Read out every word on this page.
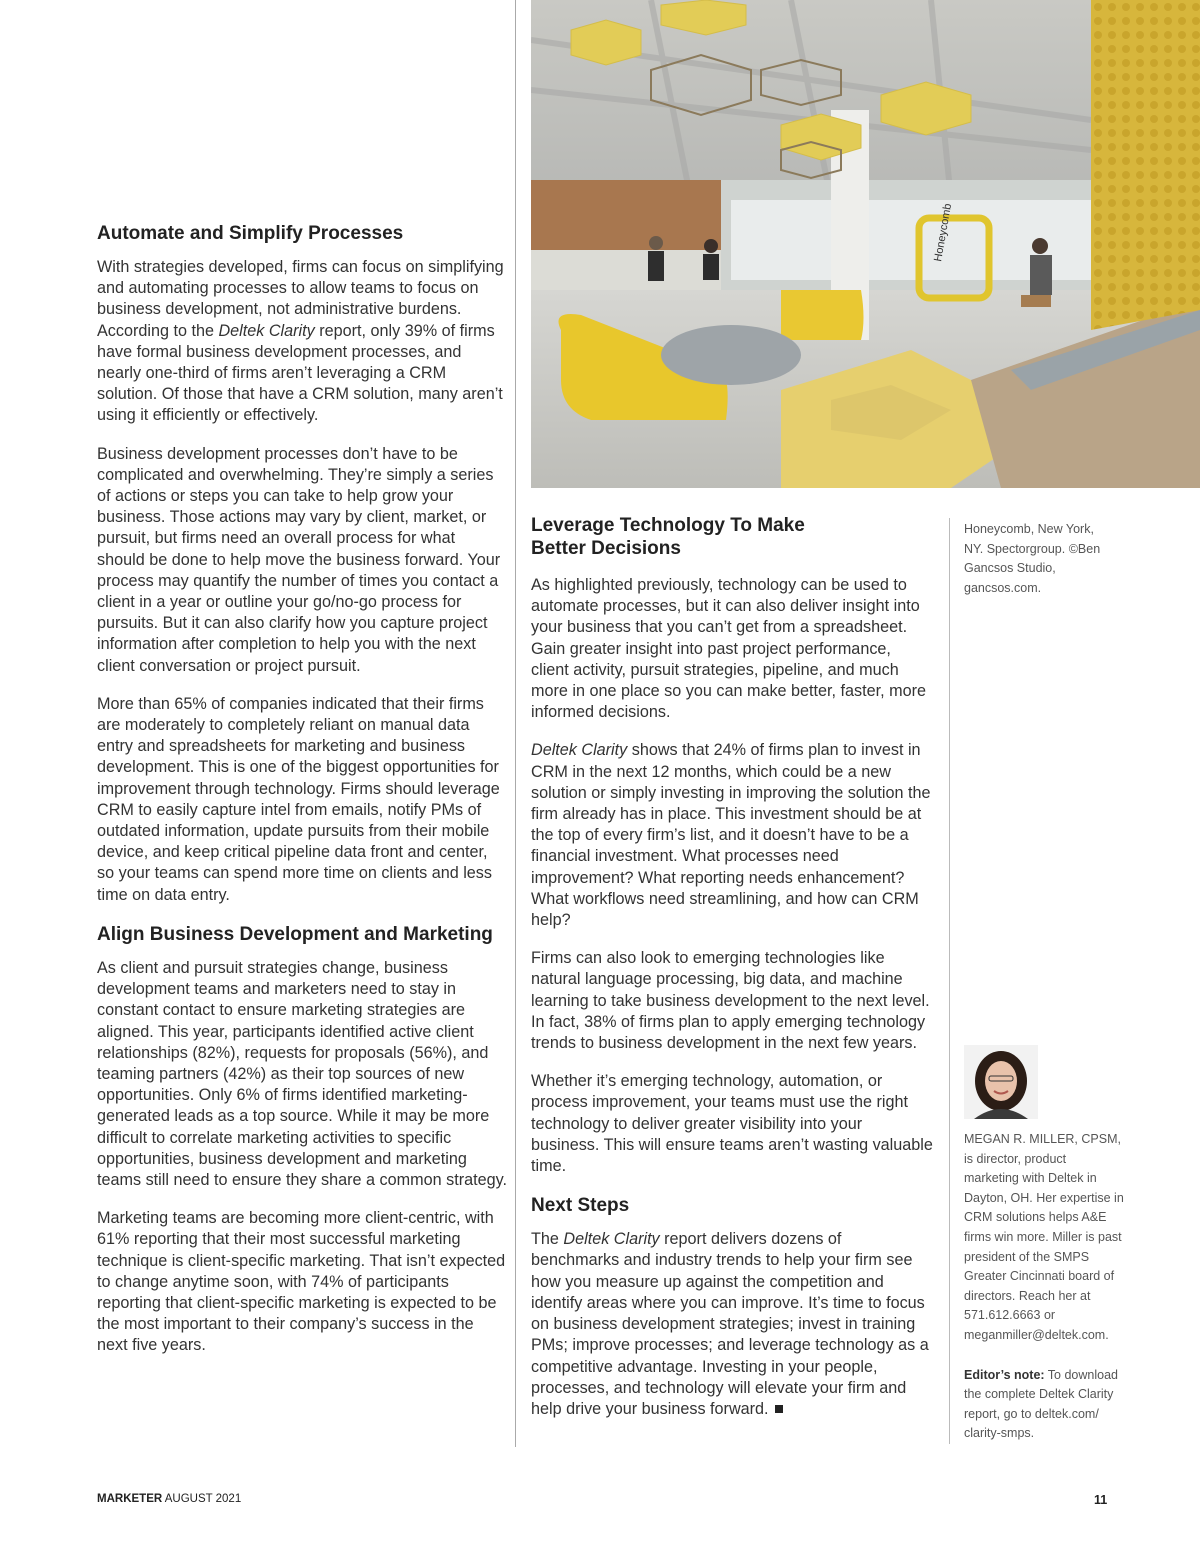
Honeycomb
Automate and Simplify Processes

With strategies developed, firms can focus on simplifying and automating processes to allow teams to focus on business development, not administrative burdens. According to the Deltek Clarity report, only 39% of firms have formal business development processes, and nearly one-third of firms aren’t leveraging a CRM solution. Of those that have a CRM solution, many aren’t using it efficiently or effectively.

Business development processes don’t have to be complicated and overwhelming. They’re simply a series of actions or steps you can take to help grow your business. Those actions may vary by client, market, or pursuit, but firms need an overall process for what should be done to help move the business forward. Your process may quantify the number of times you contact a client in a year or outline your go/no-go process for pursuits. But it can also clarify how you capture project information after completion to help you with the next client conversation or project pursuit.

More than 65% of companies indicated that their firms are moderately to completely reliant on manual data entry and spreadsheets for marketing and business development. This is one of the biggest opportunities for improvement through technology. Firms should leverage CRM to easily capture intel from emails, notify PMs of outdated information, update pursuits from their mobile device, and keep critical pipeline data front and center, so your teams can spend more time on clients and less time on data entry.

Align Business Development and Marketing

As client and pursuit strategies change, business development teams and marketers need to stay in constant contact to ensure marketing strategies are aligned. This year, participants identified active client relationships (82%), requests for proposals (56%), and teaming partners (42%) as their top sources of new opportunities. Only 6% of firms identified marketing-generated leads as a top source. While it may be more difficult to correlate marketing activities to specific opportunities, business development and marketing teams still need to ensure they share a common strategy.

Marketing teams are becoming more client-centric, with 61% reporting that their most successful marketing technique is client-specific marketing. That isn’t expected to change anytime soon, with 74% of participants reporting that client-specific marketing is expected to be the most important to their company’s success in the next five years.

Leverage Technology To Make Better Decisions

As highlighted previously, technology can be used to automate processes, but it can also deliver insight into your business that you can’t get from a spreadsheet. Gain greater insight into past project performance, client activity, pursuit strategies, pipeline, and much more in one place so you can make better, faster, more informed decisions.

Deltek Clarity shows that 24% of firms plan to invest in CRM in the next 12 months, which could be a new solution or simply investing in improving the solution the firm already has in place. This investment should be at the top of every firm’s list, and it doesn’t have to be a financial investment. What processes need improvement? What reporting needs enhancement? What workflows need streamlining, and how can CRM help?

Firms can also look to emerging technologies like natural language processing, big data, and machine learning to take business development to the next level. In fact, 38% of firms plan to apply emerging technology trends to business development in the next few years.

Whether it’s emerging technology, automation, or process improvement, your teams must use the right technology to deliver greater visibility into your business. This will ensure teams aren’t wasting valuable time.

Next Steps

The Deltek Clarity report delivers dozens of benchmarks and industry trends to help your firm see how you measure up against the competition and identify areas where you can improve. It’s time to focus on business development strategies; invest in training PMs; improve processes; and leverage technology as a competitive advantage. Investing in your people, processes, and technology will elevate your firm and help drive your business forward.

Honeycomb, New York, NY. Spectorgroup. ©Ben Gancsos Studio, gancsos.com.

MEGAN R. MILLER, CPSM, is director, product marketing with Deltek in Dayton, OH. Her expertise in CRM solutions helps A&E firms win more. Miller is past president of the SMPS Greater Cincinnati board of directors. Reach her at 571.612.6663 or meganmiller@deltek.com.

Editor’s note: To download the complete Deltek Clarity report, go to deltek.com/ clarity-smps.

MARKETER AUGUST 2021	11
